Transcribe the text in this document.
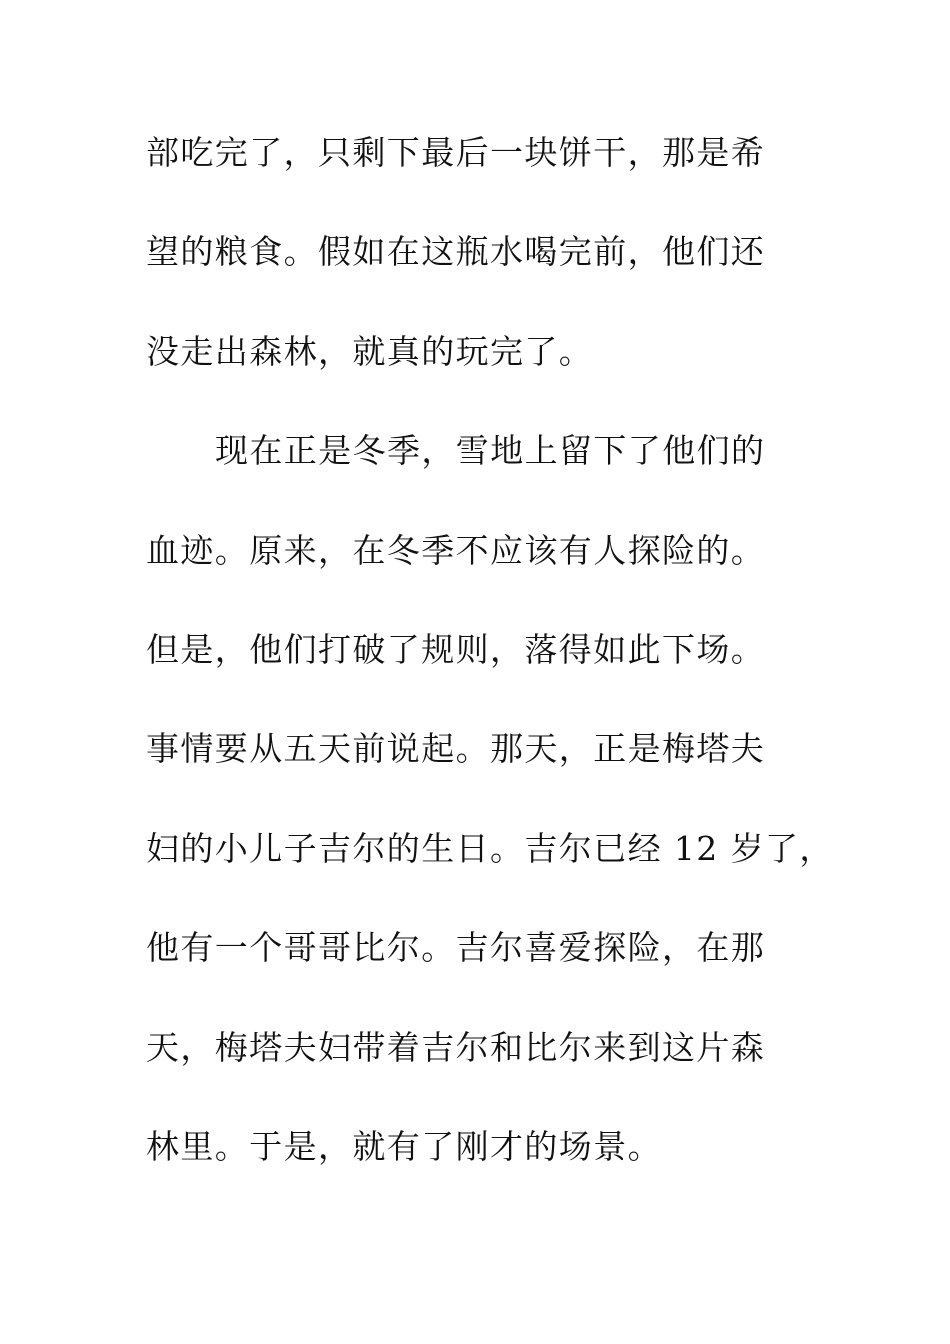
部吃完了，只剩下最后一块饼干，那是希
望的粮食。假如在这瓶水喝完前，他们还
没走出森林，就真的玩完了。
现在正是冬季，雪地上留下了他们的
血迹。原来，在冬季不应该有人探险的。
但是，他们打破了规则，落得如此下场。
事情要从五天前说起。那天，正是梅塔夫
妇的小儿子吉尔的生日。吉尔已经 12 岁了，
他有一个哥哥比尔。吉尔喜爱探险，在那
天，梅塔夫妇带着吉尔和比尔来到这片森
林里。于是，就有了刚才的场景。
